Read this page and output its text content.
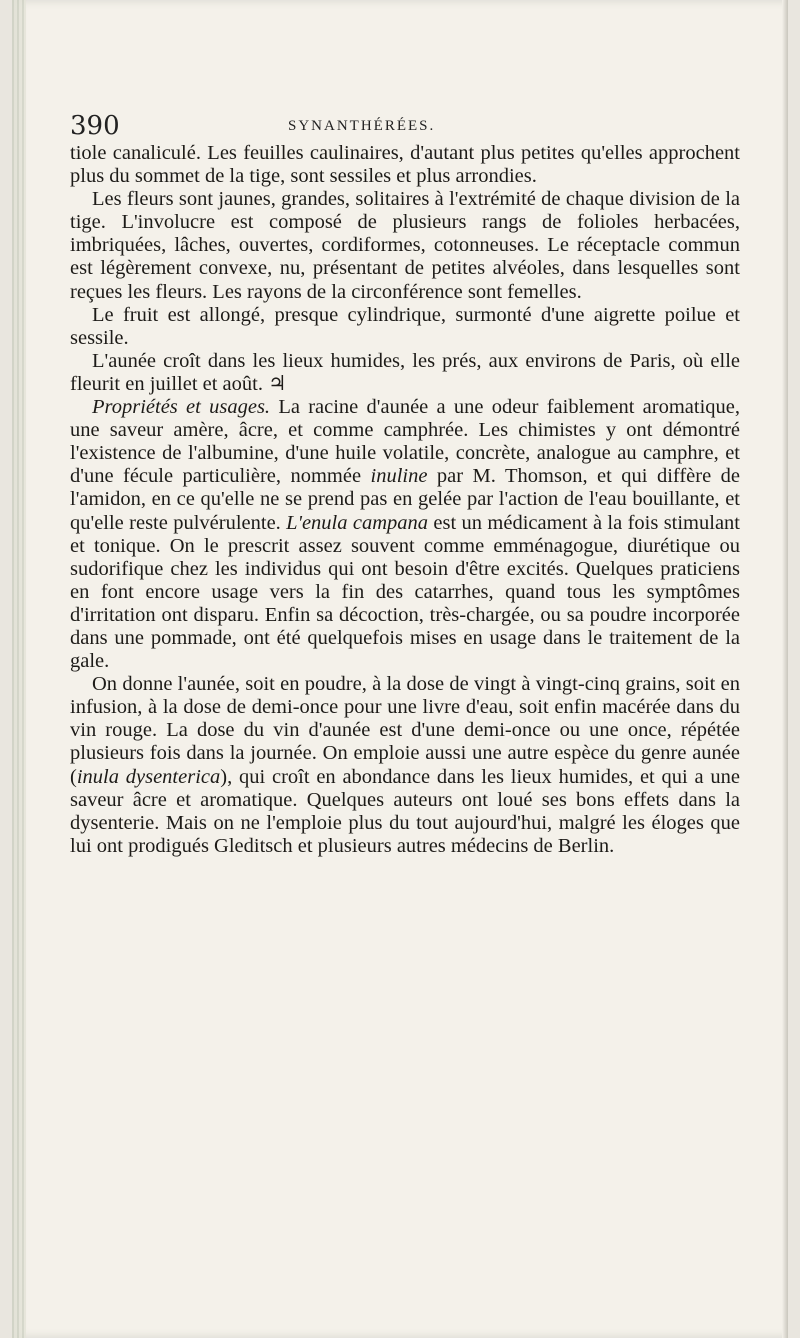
390	SYNANTHÉRÉES.

tiole canaliculé. Les feuilles caulinaires, d'autant plus petites qu'elles approchent plus du sommet de la tige, sont sessiles et plus arrondies.

Les fleurs sont jaunes, grandes, solitaires à l'extrémité de chaque division de la tige. L'involucre est composé de plusieurs rangs de folioles herbacées, imbriquées, lâches, ouvertes, cordiformes, cotonneuses. Le réceptacle commun est légèrement convexe, nu, présentant de petites alvéoles, dans lesquelles sont reçues les fleurs. Les rayons de la circonférence sont femelles.

Le fruit est allongé, presque cylindrique, surmonté d'une aigrette poilue et sessile.

L'aunée croît dans les lieux humides, les prés, aux environs de Paris, où elle fleurit en juillet et août. ♃

Propriétés et usages. La racine d'aunée a une odeur faiblement aromatique, une saveur amère, âcre, et comme camphrée. Les chimistes y ont démontré l'existence de l'albumine, d'une huile volatile, concrète, analogue au camphre, et d'une fécule particulière, nommée inuline par M. Thomson, et qui diffère de l'amidon, en ce qu'elle ne se prend pas en gelée par l'action de l'eau bouillante, et qu'elle reste pulvérulente. L'enula campana est un médicament à la fois stimulant et tonique. On le prescrit assez souvent comme emménagogue, diurétique ou sudorifique chez les individus qui ont besoin d'être excités. Quelques praticiens en font encore usage vers la fin des catarrhes, quand tous les symptômes d'irritation ont disparu. Enfin sa décoction, très-chargée, ou sa poudre incorporée dans une pommade, ont été quelquefois mises en usage dans le traitement de la gale.

On donne l'aunée, soit en poudre, à la dose de vingt à vingt-cinq grains, soit en infusion, à la dose de demi-once pour une livre d'eau, soit enfin macérée dans du vin rouge. La dose du vin d'aunée est d'une demi-once ou une once, répétée plusieurs fois dans la journée. On emploie aussi une autre espèce du genre aunée (inula dysenterica), qui croît en abondance dans les lieux humides, et qui a une saveur âcre et aromatique. Quelques auteurs ont loué ses bons effets dans la dysenterie. Mais on ne l'emploie plus du tout aujourd'hui, malgré les éloges que lui ont prodigués Gleditsch et plusieurs autres médecins de Berlin.
